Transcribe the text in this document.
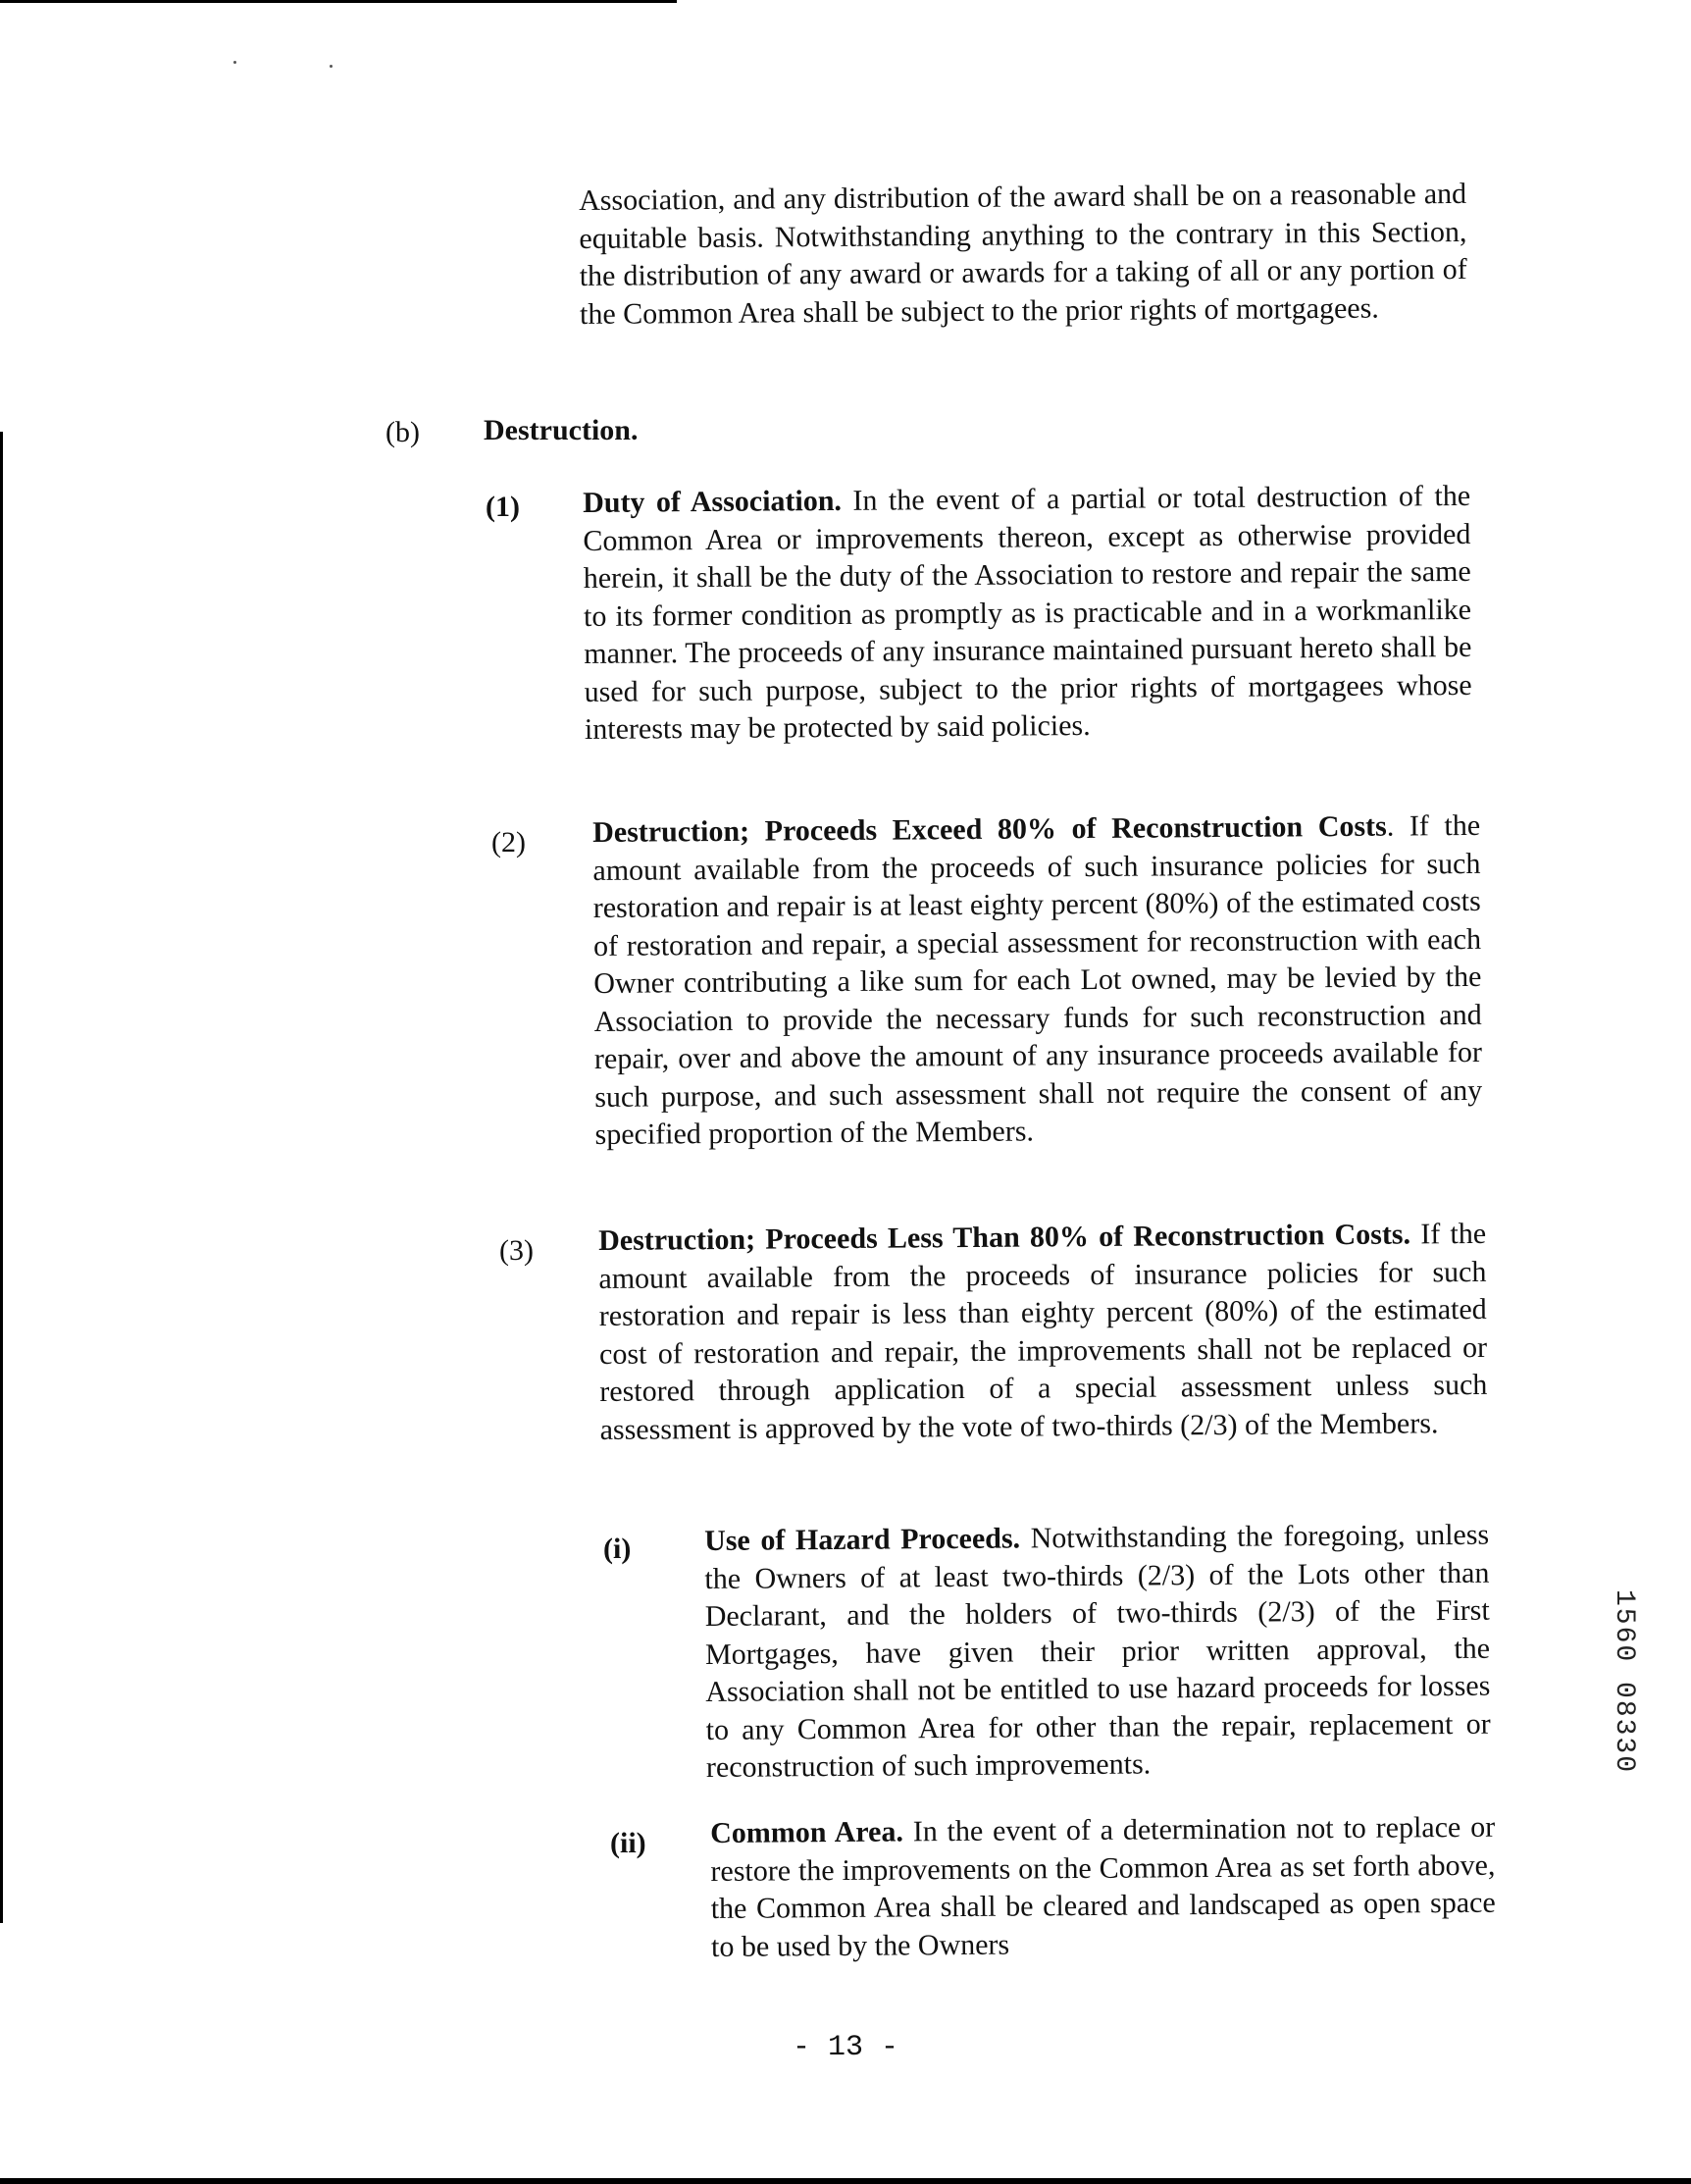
Association, and any distribution of the award shall be on a reasonable and equitable basis. Notwithstanding anything to the contrary in this Section, the distribution of any award or awards for a taking of all or any portion of the Common Area shall be subject to the prior rights of mortgagees.

(b) Destruction.

(1) Duty of Association. In the event of a partial or total destruction of the Common Area or improvements thereon, except as otherwise provided herein, it shall be the duty of the Association to restore and repair the same to its former condition as promptly as is practicable and in a workmanlike manner. The proceeds of any insurance maintained pursuant hereto shall be used for such purpose, subject to the prior rights of mortgagees whose interests may be protected by said policies.

(2) Destruction; Proceeds Exceed 80% of Reconstruction Costs. If the amount available from the proceeds of such insurance policies for such restoration and repair is at least eighty percent (80%) of the estimated costs of restoration and repair, a special assessment for reconstruction with each Owner contributing a like sum for each Lot owned, may be levied by the Association to provide the necessary funds for such reconstruction and repair, over and above the amount of any insurance proceeds available for such purpose, and such assessment shall not require the consent of any specified proportion of the Members.

(3) Destruction; Proceeds Less Than 80% of Reconstruction Costs. If the amount available from the proceeds of insurance policies for such restoration and repair is less than eighty percent (80%) of the estimated cost of restoration and repair, the improvements shall not be replaced or restored through application of a special assessment unless such assessment is approved by the vote of two-thirds (2/3) of the Members.

(i) Use of Hazard Proceeds. Notwithstanding the foregoing, unless the Owners of at least two-thirds (2/3) of the Lots other than Declarant, and the holders of two-thirds (2/3) of the First Mortgages, have given their prior written approval, the Association shall not be entitled to use hazard proceeds for losses to any Common Area for other than the repair, replacement or reconstruction of such improvements.

(ii) Common Area. In the event of a determination not to replace or restore the improvements on the Common Area as set forth above, the Common Area shall be cleared and landscaped as open space to be used by the Owners

- 13 -
1560 08330
